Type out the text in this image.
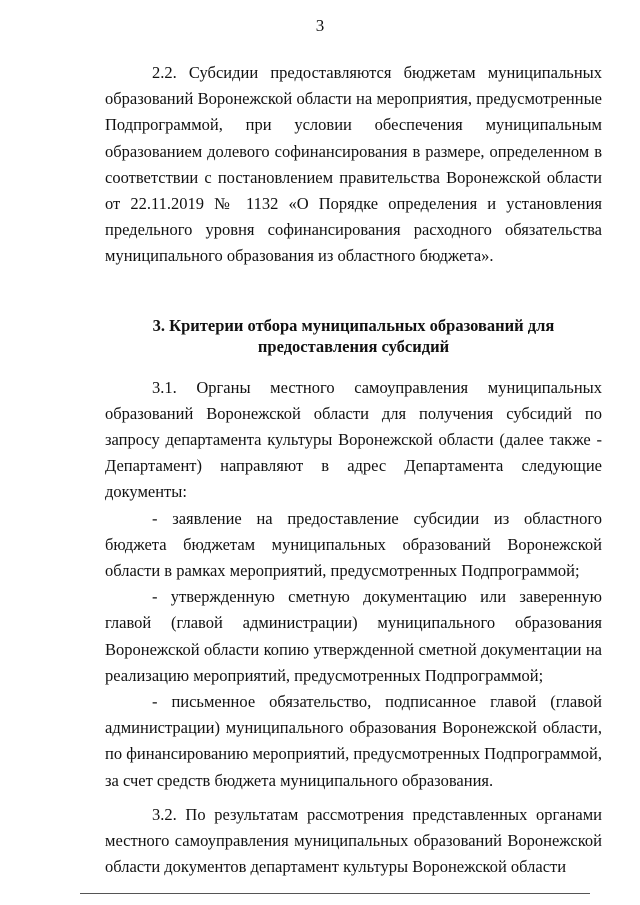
3

2.2. Субсидии предоставляются бюджетам муниципальных образований Воронежской области на мероприятия, предусмотренные Подпрограммой, при условии обеспечения муниципальным образованием долевого софинансирования в размере, определенном в соответствии с постановлением правительства Воронежской области от 22.11.2019 № 1132 «О Порядке определения и установления предельного уровня софинансирования расходного обязательства муниципального образования из областного бюджета».

3. Критерии отбора муниципальных образований для
предоставления субсидий

3.1. Органы местного самоуправления муниципальных образований Воронежской области для получения субсидий по запросу департамента культуры Воронежской области (далее также - Департамент) направляют в адрес Департамента следующие документы:

- заявление на предоставление субсидии из областного бюджета бюджетам муниципальных образований Воронежской области в рамках мероприятий, предусмотренных Подпрограммой;

- утвержденную сметную документацию или заверенную главой (главой администрации) муниципального образования Воронежской области копию утвержденной сметной документации на реализацию мероприятий, предусмотренных Подпрограммой;

- письменное обязательство, подписанное главой (главой администрации) муниципального образования Воронежской области, по финансированию мероприятий, предусмотренных Подпрограммой, за счет средств бюджета муниципального образования.

3.2. По результатам рассмотрения представленных органами местного самоуправления муниципальных образований Воронежской области документов департамент культуры Воронежской области
